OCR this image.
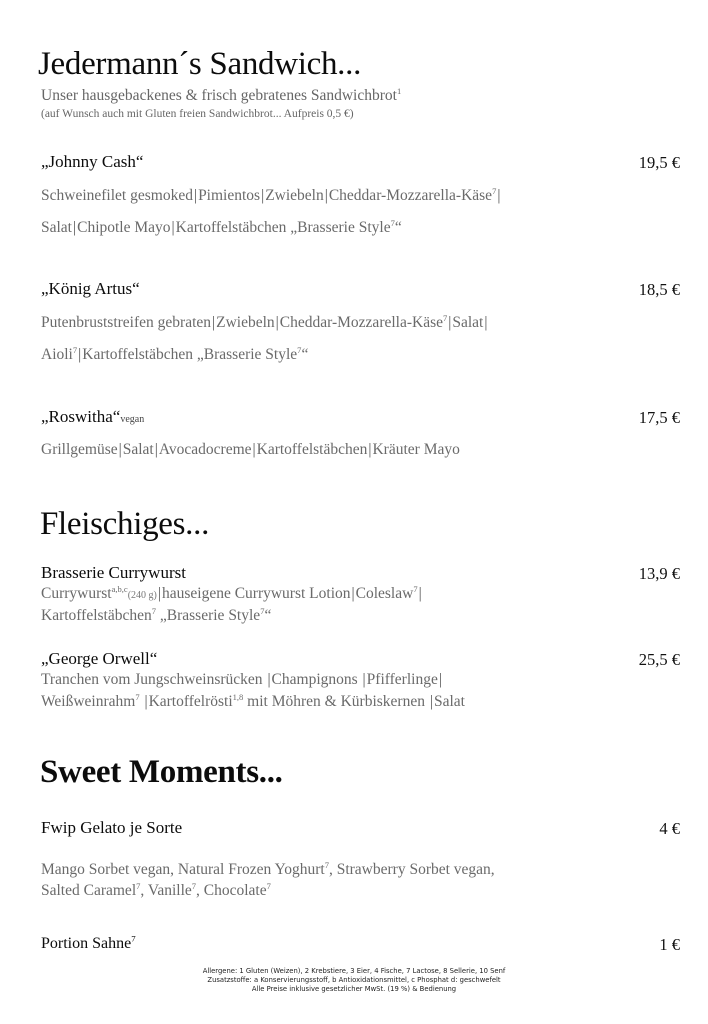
Jedermann´s Sandwich...
Unser hausgebackenes & frisch gebratenes Sandwichbrot$^1$
(auf Wunsch auch mit Gluten freien Sandwichbrot... Aufpreis 0,5 €)
„Johnny Cash“	19,5 €
Schweinefilet gesmoked|Pimientos|Zwiebeln|Cheddar-Mozzarella-Käse$^7$|
Salat|Chipotle Mayo|Kartoffelstäbchen „Brasserie Style$^7$“
„König Artus“	18,5 €
Putenbruststreifen gebraten|Zwiebeln|Cheddar-Mozzarella-Käse$^7$|Salat|
Aioli$^7$|Kartoffelstäbchen „Brasserie Style$^7$“
„Roswitha“vegan	17,5 €
Grillgemüse|Salat|Avocadocreme|Kartoffelstäbchen|Kräuter Mayo
Fleischiges...
Brasserie Currywurst	13,9 €
Currywurst$^{a,b,c}$(240 g)|hauseigene Currywurst Lotion|Coleslaw$^7$|
Kartoffelstäbchen$^7$ „Brasserie Style$^7$“
„George Orwell“	25,5 €
Tranchen vom Jungschweinsrücken |Champignons |Pfifferlinge|
Weißweinrahm$^7$ |Kartoffelrösti$^{1,8}$ mit Möhren & Kürbiskernen |Salat
Sweet Moments...
Fwip Gelato je Sorte	4 €
Mango Sorbet vegan, Natural Frozen Yoghurt$^7$, Strawberry Sorbet vegan,
Salted Caramel$^7$, Vanille$^7$, Chocolate$^7$
Portion Sahne$^7$	1 €
Allergene: 1 Gluten (Weizen), 2 Krebstiere, 3 Eier, 4 Fische, 7 Lactose, 8 Sellerie, 10 Senf
Zusatzstoffe: a Konservierungsstoff, b Antioxidationsmittel, c Phosphat d: geschwefelt
Alle Preise inklusive gesetzlicher MwSt. (19 %) & Bedienung
